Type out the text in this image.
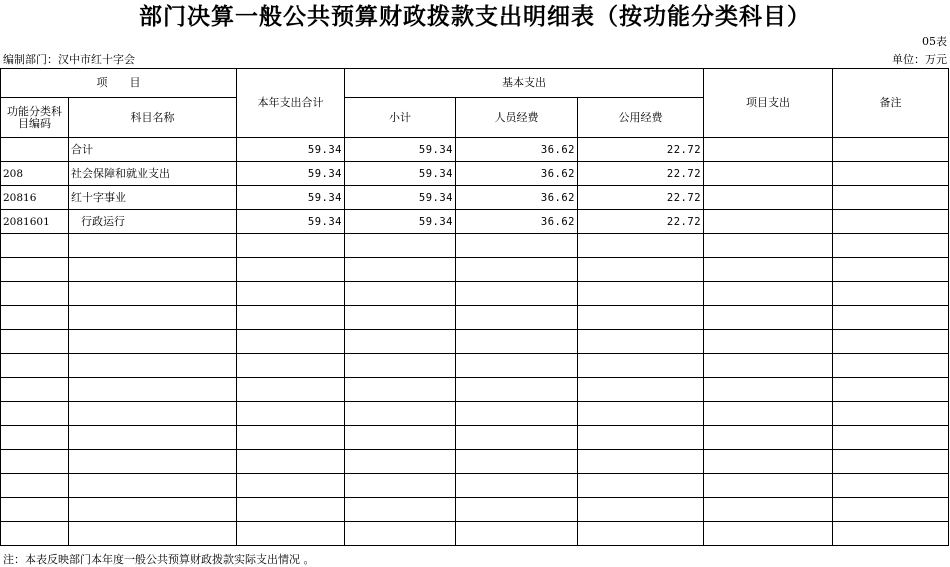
部门决算一般公共预算财政拨款支出明细表（按功能分类科目）
05表
编制部门：汉中市红十字会	单位：万元
项　　目		本年支出合计	基本支出			项目支出	备注
功能分类科目编码	科目名称		小计	人员经费	公用经费		
	合计	59.34	59.34	36.62	22.72		
208	社会保障和就业支出	59.34	59.34	36.62	22.72		
20816	红十字事业	59.34	59.34	36.62	22.72		
2081601	行政运行	59.34	59.34	36.62	22.72		

注：本表反映部门本年度一般公共预算财政拨款实际支出情况 。
